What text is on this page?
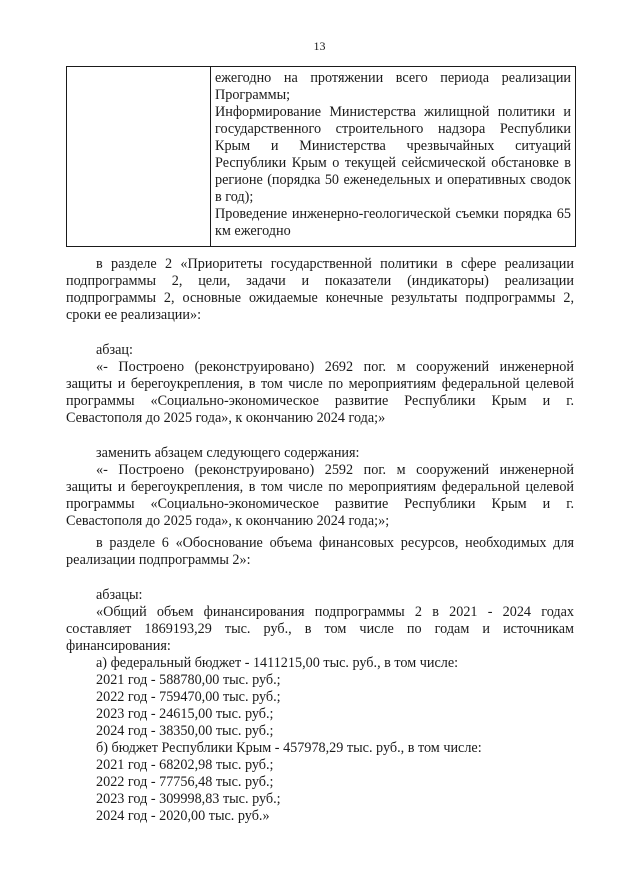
13

ежегодно на протяжении всего периода реализации Программы;

Информирование Министерства жилищной политики и государственного строительного надзора Республики Крым и Министерства чрезвычайных ситуаций Республики Крым о текущей сейсмической обстановке в регионе (порядка 50 еженедельных и оперативных сводок в год);

Проведение инженерно-геологической съемки порядка 65 км ежегодно

в разделе 2 «Приоритеты государственной политики в сфере реализации подпрограммы 2, цели, задачи и показатели (индикаторы) реализации подпрограммы 2, основные ожидаемые конечные результаты подпрограммы 2, сроки ее реализации»:

абзац:

«- Построено (реконструировано) 2692 пог. м сооружений инженерной защиты и берегоукрепления, в том числе по мероприятиям федеральной целевой программы «Социально-экономическое развитие Республики Крым и г. Севастополя до 2025 года», к окончанию 2024 года;»

заменить абзацем следующего содержания:

«- Построено (реконструировано) 2592 пог. м сооружений инженерной защиты и берегоукрепления, в том числе по мероприятиям федеральной целевой программы «Социально-экономическое развитие Республики Крым и г. Севастополя до 2025 года», к окончанию 2024 года;»;

в разделе 6 «Обоснование объема финансовых ресурсов, необходимых для реализации подпрограммы 2»:

абзацы:

«Общий объем финансирования подпрограммы 2 в 2021 - 2024 годах составляет 1869193,29 тыс. руб., в том числе по годам и источникам финансирования:

а) федеральный бюджет - 1411215,00 тыс. руб., в том числе:

2021 год - 588780,00 тыс. руб.;

2022 год - 759470,00 тыс. руб.;

2023 год - 24615,00 тыс. руб.;

2024 год - 38350,00 тыс. руб.;

б) бюджет Республики Крым - 457978,29 тыс. руб., в том числе:

2021 год - 68202,98 тыс. руб.;

2022 год - 77756,48 тыс. руб.;

2023 год - 309998,83 тыс. руб.;

2024 год - 2020,00 тыс. руб.»
